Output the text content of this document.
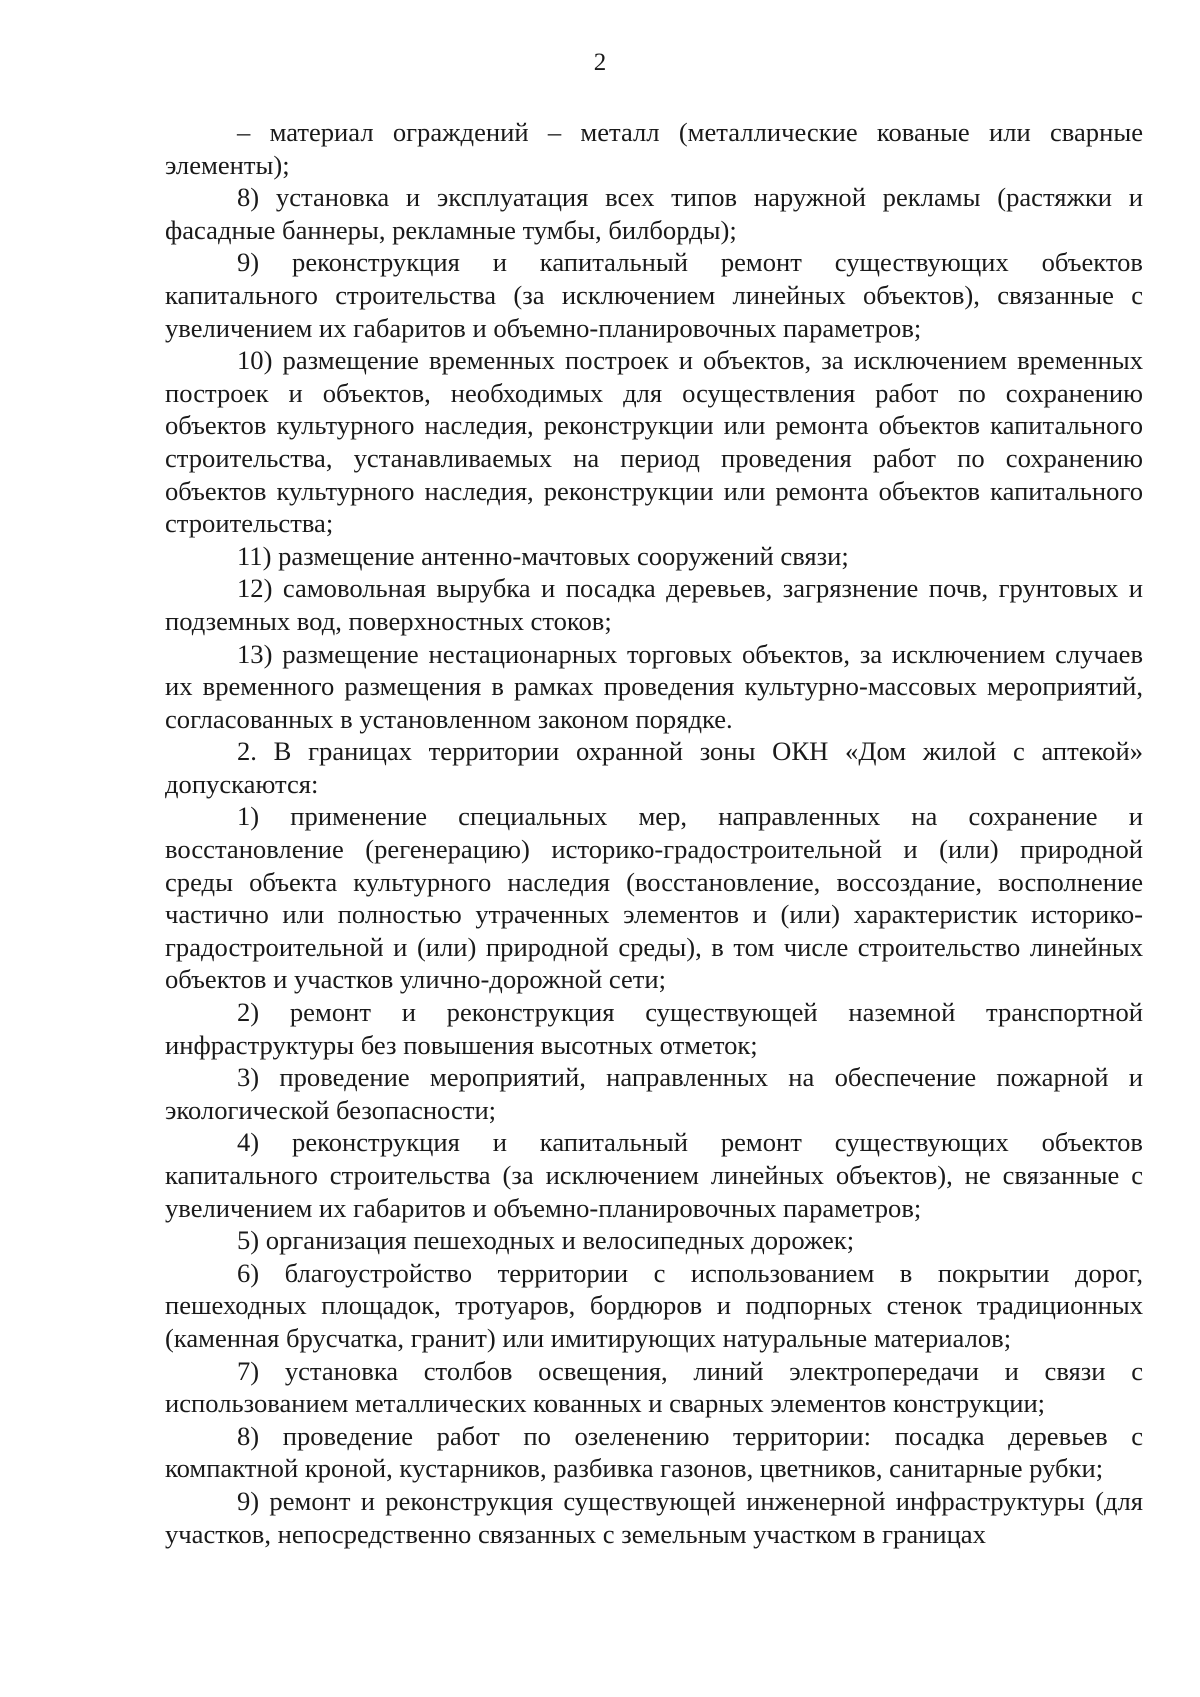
2

– материал ограждений – металл (металлические кованые или сварные элементы);

8) установка и эксплуатация всех типов наружной рекламы (растяжки и фасадные баннеры, рекламные тумбы, билборды);

9) реконструкция и капитальный ремонт существующих объектов капитального строительства (за исключением линейных объектов), связанные с увеличением их габаритов и объемно-планировочных параметров;

10) размещение временных построек и объектов, за исключением временных построек и объектов, необходимых для осуществления работ по сохранению объектов культурного наследия, реконструкции или ремонта объектов капитального строительства, устанавливаемых на период проведения работ по сохранению объектов культурного наследия, реконструкции или ремонта объектов капитального строительства;

11) размещение антенно-мачтовых сооружений связи;

12) самовольная вырубка и посадка деревьев, загрязнение почв, грунтовых и подземных вод, поверхностных стоков;

13) размещение нестационарных торговых объектов, за исключением случаев их временного размещения в рамках проведения культурно-массовых мероприятий, согласованных в установленном законом порядке.

2. В границах территории охранной зоны ОКН «Дом жилой с аптекой» допускаются:

1) применение специальных мер, направленных на сохранение и восстановление (регенерацию) историко-градостроительной и (или) природной среды объекта культурного наследия (восстановление, воссоздание, восполнение частично или полностью утраченных элементов и (или) характеристик историко-градостроительной и (или) природной среды), в том числе строительство линейных объектов и участков улично-дорожной сети;

2) ремонт и реконструкция существующей наземной транспортной инфраструктуры без повышения высотных отметок;

3) проведение мероприятий, направленных на обеспечение пожарной и экологической безопасности;

4) реконструкция и капитальный ремонт существующих объектов капитального строительства (за исключением линейных объектов), не связанные с увеличением их габаритов и объемно-планировочных параметров;

5) организация пешеходных и велосипедных дорожек;

6) благоустройство территории с использованием в покрытии дорог, пешеходных площадок, тротуаров, бордюров и подпорных стенок традиционных (каменная брусчатка, гранит) или имитирующих натуральные материалов;

7) установка столбов освещения, линий электропередачи и связи с использованием металлических кованных и сварных элементов конструкции;

8) проведение работ по озеленению территории: посадка деревьев с компактной кроной, кустарников, разбивка газонов, цветников, санитарные рубки;

9) ремонт и реконструкция существующей инженерной инфраструктуры (для участков, непосредственно связанных с земельным участком в границах
